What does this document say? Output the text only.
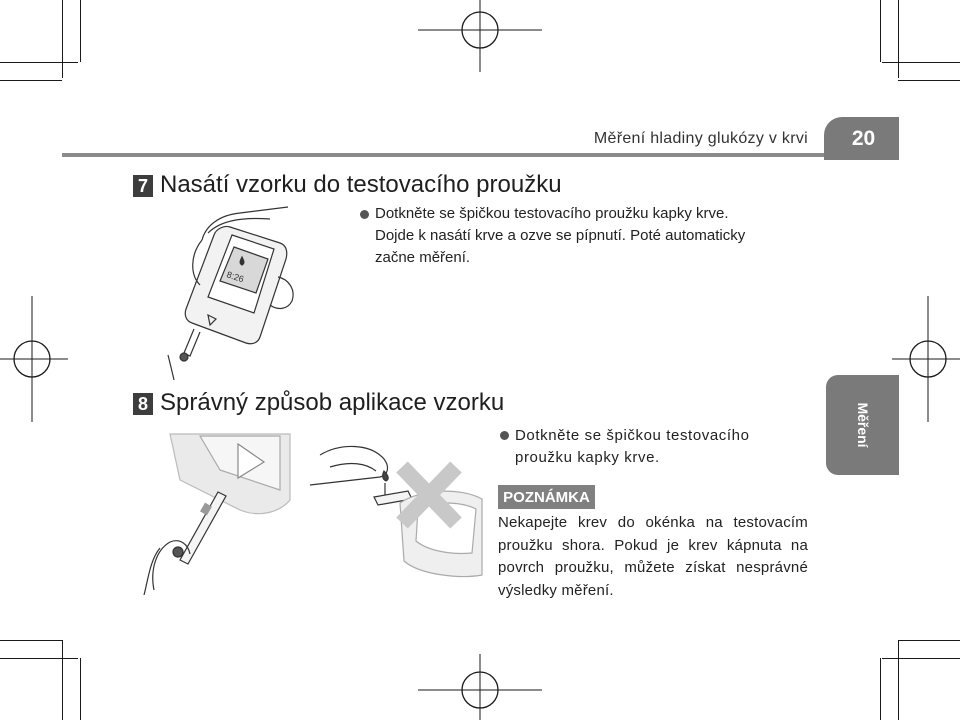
Měření hladiny glukózy v krvi 20
Měření
7 Nasátí vzorku do testovacího proužku
Dotkněte se špičkou testovacího proužku kapky krve.
Dojde k nasátí krve a ozve se pípnutí. Poté automaticky
začne měření.
8:26
8 Správný způsob aplikace vzorku
Dotkněte se špičkou testovacího
proužku kapky krve.
POZNÁMKA
Nekapejte krev do okénka na testovacím proužku shora. Pokud je krev kápnuta na povrch proužku, můžete získat nesprávné výsledky měření.
